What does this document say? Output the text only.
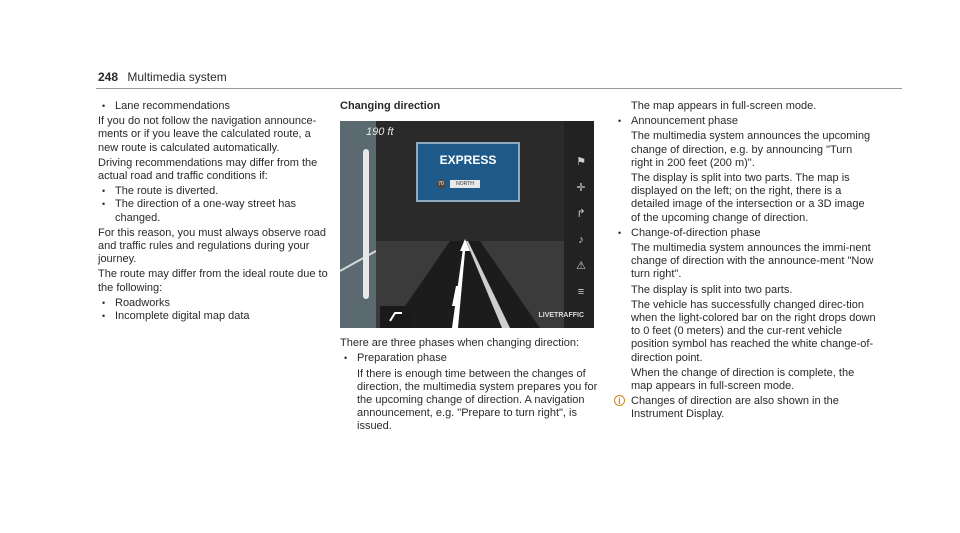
248 Multimedia system
• Lane recommendations

If you do not follow the navigation announce-ments or if you leave the calculated route, a new route is calculated automatically.

Driving recommendations may differ from the actual road and traffic conditions if:

• The route is diverted.
• The direction of a one-way street has changed.

For this reason, you must always observe road and traffic rules and regulations during your journey.

The route may differ from the ideal route due to the following:

• Roadworks
• Incomplete digital map data
Changing direction
190 ft
EXPRESS
70	NORTH
⚑
✛
↱
♪
⚠
≡
LIVETRAFFIC

There are three phases when changing direction:

• Preparation phase

If there is enough time between the changes of direction, the multimedia system prepares you for the upcoming change of direction. A navigation announcement, e.g. "Prepare to turn right", is issued.

The map appears in full-screen mode.

• Announcement phase

The multimedia system announces the upcoming change of direction, e.g. by announcing "Turn right in 200 feet (200 m)".

The display is split into two parts. The map is displayed on the left; on the right, there is a detailed image of the intersection or a 3D image of the upcoming change of direction.

• Change-of-direction phase

The multimedia system announces the immi-nent change of direction with the announce-ment "Now turn right".

The display is split into two parts.

The vehicle has successfully changed direc-tion when the light-colored bar on the right drops down to 0 feet (0 meters) and the cur-rent vehicle position symbol has reached the white change-of-direction point.

When the change of direction is complete, the map appears in full-screen mode.

i Changes of direction are also shown in the Instrument Display.
